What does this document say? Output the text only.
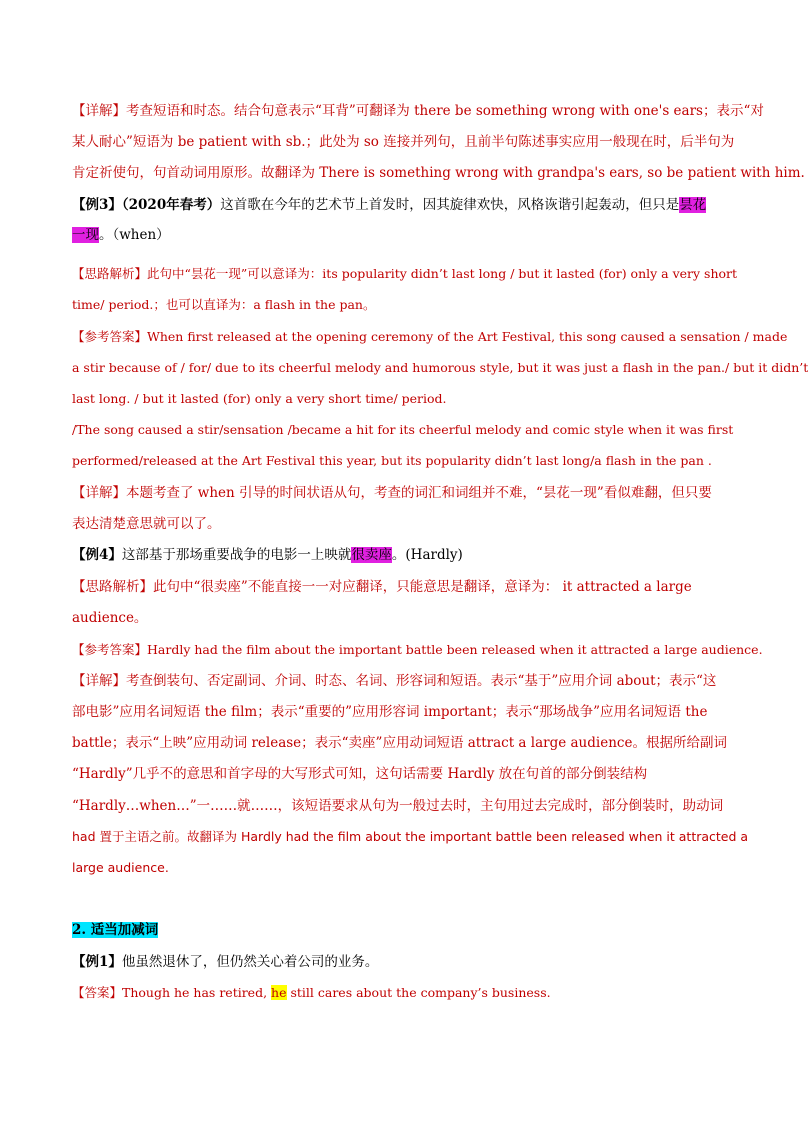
【详解】考查短语和时态。结合句意表示“耳背”可翻译为 there be something wrong with one's ears；表示“对
某人耐心”短语为 be patient with sb.；此处为 so 连接并列句，且前半句陈述事实应用一般现在时，后半句为
肯定祈使句，句首动词用原形。故翻译为 There is something wrong with grandpa's ears, so be patient with him.
【例3】（2020年春考）这首歌在今年的艺术节上首发时，因其旋律欢快，风格诙谐引起轰动，但只是昙花
一现。（when）
【思路解析】此句中“昙花一现”可以意译为：its popularity didn’t last long / but it lasted (for) only a very short
time/ period.；也可以直译为：a flash in the pan。
【参考答案】When first released at the opening ceremony of the Art Festival, this song caused a sensation / made
a stir because of / for/ due to its cheerful melody and humorous style, but it was just a flash in the pan./ but it didn’t
last long. / but it lasted (for) only a very short time/ period.
/The song caused a stir/sensation /became a hit for its cheerful melody and comic style when it was first
performed/released at the Art Festival this year, but its popularity didn’t last long/a flash in the pan .
【详解】本题考查了 when 引导的时间状语从句，考查的词汇和词组并不难，“昙花一现”看似难翻，但只要
表达清楚意思就可以了。
【例4】这部基于那场重要战争的电影一上映就很卖座。(Hardly)
【思路解析】此句中“很卖座”不能直接一一对应翻译，只能意思是翻译，意译为： it attracted a large
audience。
【参考答案】Hardly had the film about the important battle been released when it attracted a large audience.
【详解】考查倒装句、否定副词、介词、时态、名词、形容词和短语。表示“基于”应用介词 about；表示“这
部电影”应用名词短语 the film；表示“重要的”应用形容词 important；表示“那场战争”应用名词短语 the
battle；表示“上映”应用动词 release；表示“卖座”应用动词短语 attract a large audience。根据所给副词
“Hardly”几乎不的意思和首字母的大写形式可知，这句话需要 Hardly 放在句首的部分倒装结构
“Hardly…when…”一……就……，该短语要求从句为一般过去时，主句用过去完成时，部分倒装时，助动词
had 置于主语之前。故翻译为 Hardly had the film about the important battle been released when it attracted a
large audience.
2. 适当加减词
【例1】他虽然退休了，但仍然关心着公司的业务。
【答案】Though he has retired, he still cares about the company’s business.
